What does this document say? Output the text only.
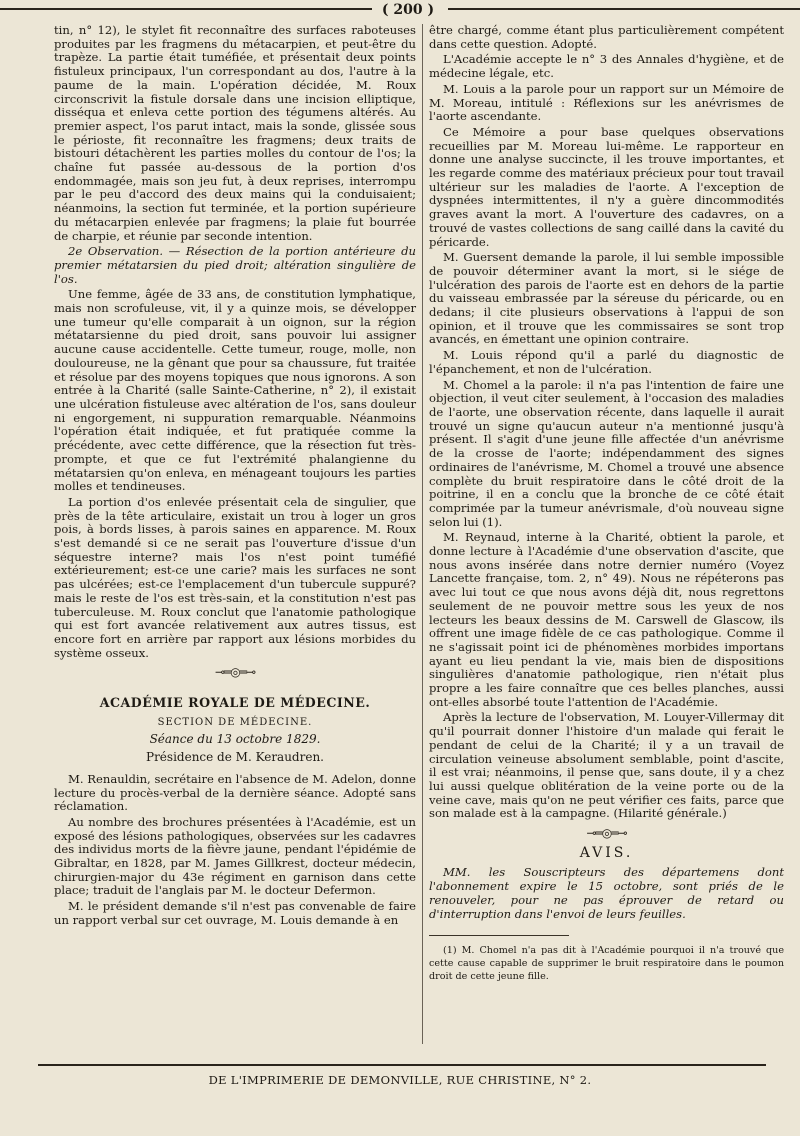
( 200 )

tin, n° 12), le stylet fit reconnaître des surfaces raboteuses produites par les fragmens du métacarpien, et peut-être du trapèze. La partie était tuméfiée, et présentait deux points fistuleux principaux, l'un correspondant au dos, l'autre à la paume de la main. L'opération décidée, M. Roux circonscrivit la fistule dorsale dans une incision elliptique, disséqua et enleva cette portion des tégumens altérés. Au premier aspect, l'os parut intact, mais la sonde, glissée sous le périoste, fit reconnaître les fragmens; deux traits de bistouri détachèrent les parties molles du contour de l'os; la chaîne fut passée au-dessous de la portion d'os endommagée, mais son jeu fut, à deux reprises, interrompu par le peu d'accord des deux mains qui la conduisaient; néanmoins, la section fut terminée, et la portion supérieure du métacarpien enlevée par fragmens; la plaie fut bourrée de charpie, et réunie par seconde intention.

2e Observation. — Résection de la portion antérieure du premier métatarsien du pied droit; altération singulière de l'os.

Une femme, âgée de 33 ans, de constitution lymphatique, mais non scrofuleuse, vit, il y a quinze mois, se développer une tumeur qu'elle comparait à un oignon, sur la région métatarsienne du pied droit, sans pouvoir lui assigner aucune cause accidentelle. Cette tumeur, rouge, molle, non douloureuse, ne la gênant que pour sa chaussure, fut traitée et résolue par des moyens topiques que nous ignorons. A son entrée à la Charité (salle Sainte-Catherine, n° 2), il existait une ulcération fistuleuse avec altération de l'os, sans douleur ni engorgement, ni suppuration remarquable. Néanmoins l'opération était indiquée, et fut pratiquée comme la précédente, avec cette différence, que la résection fut très-prompte, et que ce fut l'extrémité phalangienne du métatarsien qu'on enleva, en ménageant toujours les parties molles et tendineuses.

La portion d'os enlevée présentait cela de singulier, que près de la tête articulaire, existait un trou à loger un gros pois, à bords lisses, à parois saines en apparence. M. Roux s'est demandé si ce ne serait pas l'ouverture d'issue d'un séquestre interne? mais l'os n'est point tuméfié extérieurement; est-ce une carie? mais les surfaces ne sont pas ulcérées; est-ce l'emplacement d'un tubercule suppuré? mais le reste de l'os est très-sain, et la constitution n'est pas tuberculeuse. M. Roux conclut que l'anatomie pathologique qui est fort avancée relativement aux autres tissus, est encore fort en arrière par rapport aux lésions morbides du système osseux.

⊸═◎═⊸
ACADÉMIE ROYALE DE MÉDECINE.
SECTION DE MÉDECINE.
Séance du 13 octobre 1829.
Présidence de M. Keraudren.

M. Renauldin, secrétaire en l'absence de M. Adelon, donne lecture du procès-verbal de la dernière séance. Adopté sans réclamation.

Au nombre des brochures présentées à l'Académie, est un exposé des lésions pathologiques, observées sur les cadavres des individus morts de la fièvre jaune, pendant l'épidémie de Gibraltar, en 1828, par M. James Gillkrest, docteur médecin, chirurgien-major du 43e régiment en garnison dans cette place; traduit de l'anglais par M. le docteur Defermon.

M. le président demande s'il n'est pas convenable de faire un rapport verbal sur cet ouvrage, M. Louis demande à en

être chargé, comme étant plus particulièrement compétent dans cette question. Adopté.

L'Académie accepte le n° 3 des Annales d'hygiène, et de médecine légale, etc.

M. Louis a la parole pour un rapport sur un Mémoire de M. Moreau, intitulé : Réflexions sur les anévrismes de l'aorte ascendante.

Ce Mémoire a pour base quelques observations recueillies par M. Moreau lui-même. Le rapporteur en donne une analyse succincte, il les trouve importantes, et les regarde comme des matériaux précieux pour tout travail ultérieur sur les maladies de l'aorte. A l'exception de dyspnées intermittentes, il n'y a guère dincommodités graves avant la mort. A l'ouverture des cadavres, on a trouvé de vastes collections de sang caillé dans la cavité du péricarde.

M. Guersent demande la parole, il lui semble impossible de pouvoir déterminer avant la mort, si le siége de l'ulcération des parois de l'aorte est en dehors de la partie du vaisseau embrassée par la séreuse du péricarde, ou en dedans; il cite plusieurs observations à l'appui de son opinion, et il trouve que les commissaires se sont trop avancés, en émettant une opinion contraire.

M. Louis répond qu'il a parlé du diagnostic de l'épanchement, et non de l'ulcération.

M. Chomel a la parole: il n'a pas l'intention de faire une objection, il veut citer seulement, à l'occasion des maladies de l'aorte, une observation récente, dans laquelle il aurait trouvé un signe qu'aucun auteur n'a mentionné jusqu'à présent. Il s'agit d'une jeune fille affectée d'un anévrisme de la crosse de l'aorte; indépendamment des signes ordinaires de l'anévrisme, M. Chomel a trouvé une absence complète du bruit respiratoire dans le côté droit de la poitrine, il en a conclu que la bronche de ce côté était comprimée par la tumeur anévrismale, d'où nouveau signe selon lui (1).

M. Reynaud, interne à la Charité, obtient la parole, et donne lecture à l'Académie d'une observation d'ascite, que nous avons insérée dans notre dernier numéro (Voyez Lancette française, tom. 2, n° 49). Nous ne répéterons pas avec lui tout ce que nous avons déjà dit, nous regrettons seulement de ne pouvoir mettre sous les yeux de nos lecteurs les beaux dessins de M. Carswell de Glascow, ils offrent une image fidèle de ce cas pathologique. Comme il ne s'agissait point ici de phénomènes morbides importans ayant eu lieu pendant la vie, mais bien de dispositions singulières d'anatomie pathologique, rien n'était plus propre a les faire connaître que ces belles planches, aussi ont-elles absorbé toute l'attention de l'Académie.

Après la lecture de l'observation, M. Louyer-Villermay dit qu'il pourrait donner l'histoire d'un malade qui ferait le pendant de celui de la Charité; il y a un travail de circulation veineuse absolument semblable, point d'ascite, il est vrai; néanmoins, il pense que, sans doute, il y a chez lui aussi quelque oblitération de la veine porte ou de la veine cave, mais qu'on ne peut vérifier ces faits, parce que son malade est à la campagne. (Hilarité générale.)

⊸═◎═⊸
AVIS.

MM. les Souscripteurs des départemens dont l'abonnement expire le 15 octobre, sont priés de le renouveler, pour ne pas éprouver de retard ou d'interruption dans l'envoi de leurs feuilles.

(1) M. Chomel n'a pas dit à l'Académie pourquoi il n'a trouvé que cette cause capable de supprimer le bruit respiratoire dans le poumon droit de cette jeune fille.

DE L'IMPRIMERIE DE DEMONVILLE, RUE CHRISTINE, N° 2.
